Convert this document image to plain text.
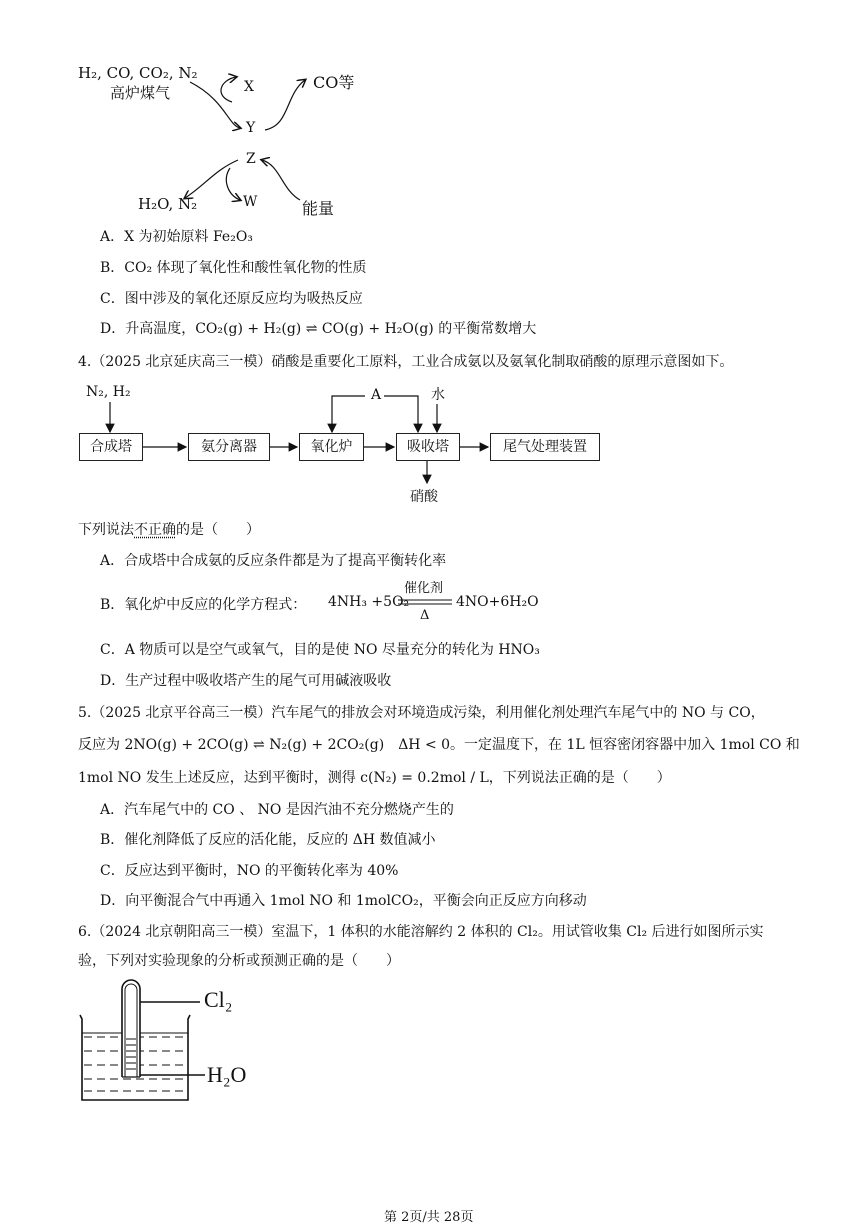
H₂, CO, CO₂, N₂
高炉煤气
CO等
H₂O, N₂	能量
X
Y
Z
W
A．X 为初始原料 Fe₂O₃
B．CO₂ 体现了氧化性和酸性氧化物的性质
C．图中涉及的氧化还原反应均为吸热反应
D．升高温度，CO₂(g) + H₂(g) ⇌ CO(g) + H₂O(g) 的平衡常数增大
4.（2025 北京延庆高三一模）硝酸是重要化工原料，工业合成氨以及氨氧化制取硝酸的原理示意图如下。
N₂, H₂	A	水
合成塔	氨分离器	氧化炉	吸收塔	尾气处理装置
硝酸
下列说法不正确的是（　　）
A．合成塔中合成氨的反应条件都是为了提高平衡转化率
B．氧化炉中反应的化学方程式： 4NH₃ +5O₂
催化剂
Δ
4NO+6H₂O
C．A 物质可以是空气或氧气，目的是使 NO 尽量充分的转化为 HNO₃
D．生产过程中吸收塔产生的尾气可用碱液吸收
5.（2025 北京平谷高三一模）汽车尾气的排放会对环境造成污染，利用催化剂处理汽车尾气中的 NO 与 CO，
反应为 2NO(g) + 2CO(g) ⇌ N₂(g) + 2CO₂(g)　ΔH < 0。一定温度下，在 1L 恒容密闭容器中加入 1mol CO 和
1mol NO 发生上述反应，达到平衡时，测得 c(N₂) = 0.2mol / L，下列说法正确的是（　　）
A．汽车尾气中的 CO 、 NO 是因汽油不充分燃烧产生的
B．催化剂降低了反应的活化能，反应的 ΔH 数值减小
C．反应达到平衡时，NO 的平衡转化率为 40%
D．向平衡混合气中再通入 1mol NO 和 1molCO₂，平衡会向正反应方向移动
6.（2024 北京朝阳高三一模）室温下，1 体积的水能溶解约 2 体积的 Cl₂。用试管收集 Cl₂ 后进行如图所示实
验，下列对实验现象的分析或预测正确的是（　　）
Cl₂
H₂O
第 2页/共 28页
